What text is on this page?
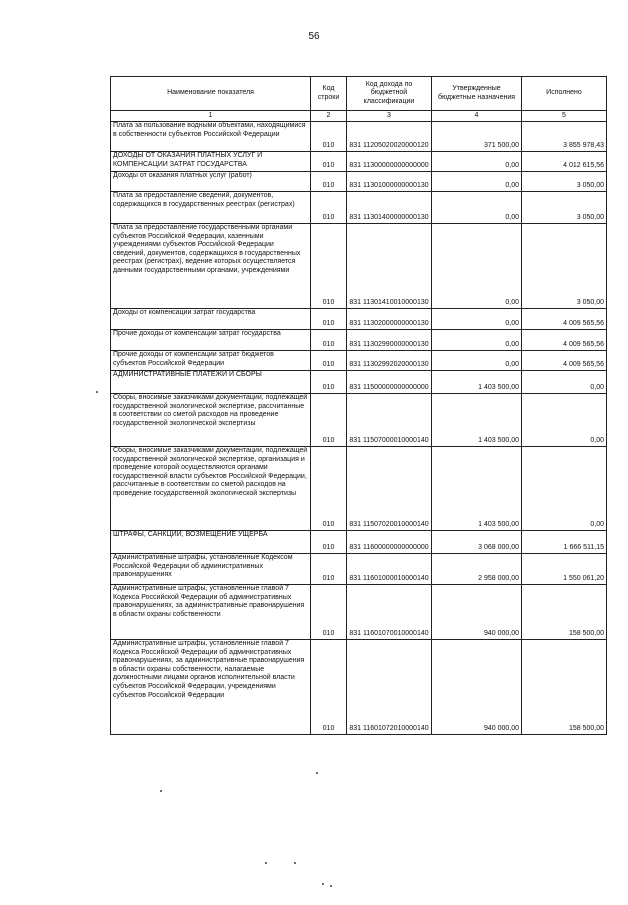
56
Наименование показателя	Код строки	Код дохода по бюджетной классификации	Утвержденные бюджетные назначения	Исполнено
1	2	3	4	5
Плата за пользование водными объектами, находящимися в собственности субъектов Российской Федерации	010	831 11205020020000120	371 500,00	3 855 978,43
ДОХОДЫ ОТ ОКАЗАНИЯ ПЛАТНЫХ УСЛУГ И КОМПЕНСАЦИИ ЗАТРАТ ГОСУДАРСТВА	010	831 11300000000000000	0,00	4 012 615,56
Доходы от оказания платных услуг (работ)	010	831 11301000000000130	0,00	3 050,00
Плата за предоставление сведений, документов, содержащихся в государственных реестрах (регистрах)	010	831 11301400000000130	0,00	3 050,00
Плата за предоставление государственными органами субъектов Российской Федерации, казенными учреждениями субъектов Российской Федерации сведений, документов, содержащихся в государственных реестрах (регистрах), ведение которых осуществляется данными государственными органами, учреждениями	010	831 11301410010000130	0,00	3 050,00
Доходы от компенсации затрат государства	010	831 11302000000000130	0,00	4 009 565,56
Прочие доходы от компенсации затрат государства	010	831 11302990000000130	0,00	4 009 565,56
Прочие доходы от компенсации затрат бюджетов субъектов Российской Федерации	010	831 11302992020000130	0,00	4 009 565,56
АДМИНИСТРАТИВНЫЕ ПЛАТЕЖИ И СБОРЫ	010	831 11500000000000000	1 403 500,00	0,00
Сборы, вносимые заказчиками документации, подлежащей государственной экологической экспертизе, рассчитанные в соответствии со сметой расходов на проведение государственной экологической экспертизы	010	831 11507000010000140	1 403 500,00	0,00
Сборы, вносимые заказчиками документации, подлежащей государственной экологической экспертизе, организация и проведение которой осуществляются органами государственной власти субъектов Российской Федерации, рассчитанные в соответствии со сметой расходов на проведение государственной экологической экспертизы	010	831 11507020010000140	1 403 500,00	0,00
ШТРАФЫ, САНКЦИИ, ВОЗМЕЩЕНИЕ УЩЕРБА	010	831 11600000000000000	3 068 000,00	1 666 511,15
Административные штрафы, установленные Кодексом Российской Федерации об административных правонарушениях	010	831 11601000010000140	2 958 000,00	1 550 061,20
Административные штрафы, установленные главой 7 Кодекса Российской Федерации об административных правонарушениях, за административные правонарушения в области охраны собственности	010	831 11601070010000140	940 000,00	158 500,00
Административные штрафы, установленные главой 7 Кодекса Российской Федерации об административных правонарушениях, за административные правонарушения в области охраны собственности, налагаемые должностными лицами органов исполнительной власти субъектов Российской Федерации, учреждениями субъектов Российской Федерации	010	831 11601072010000140	940 000,00	158 500,00
